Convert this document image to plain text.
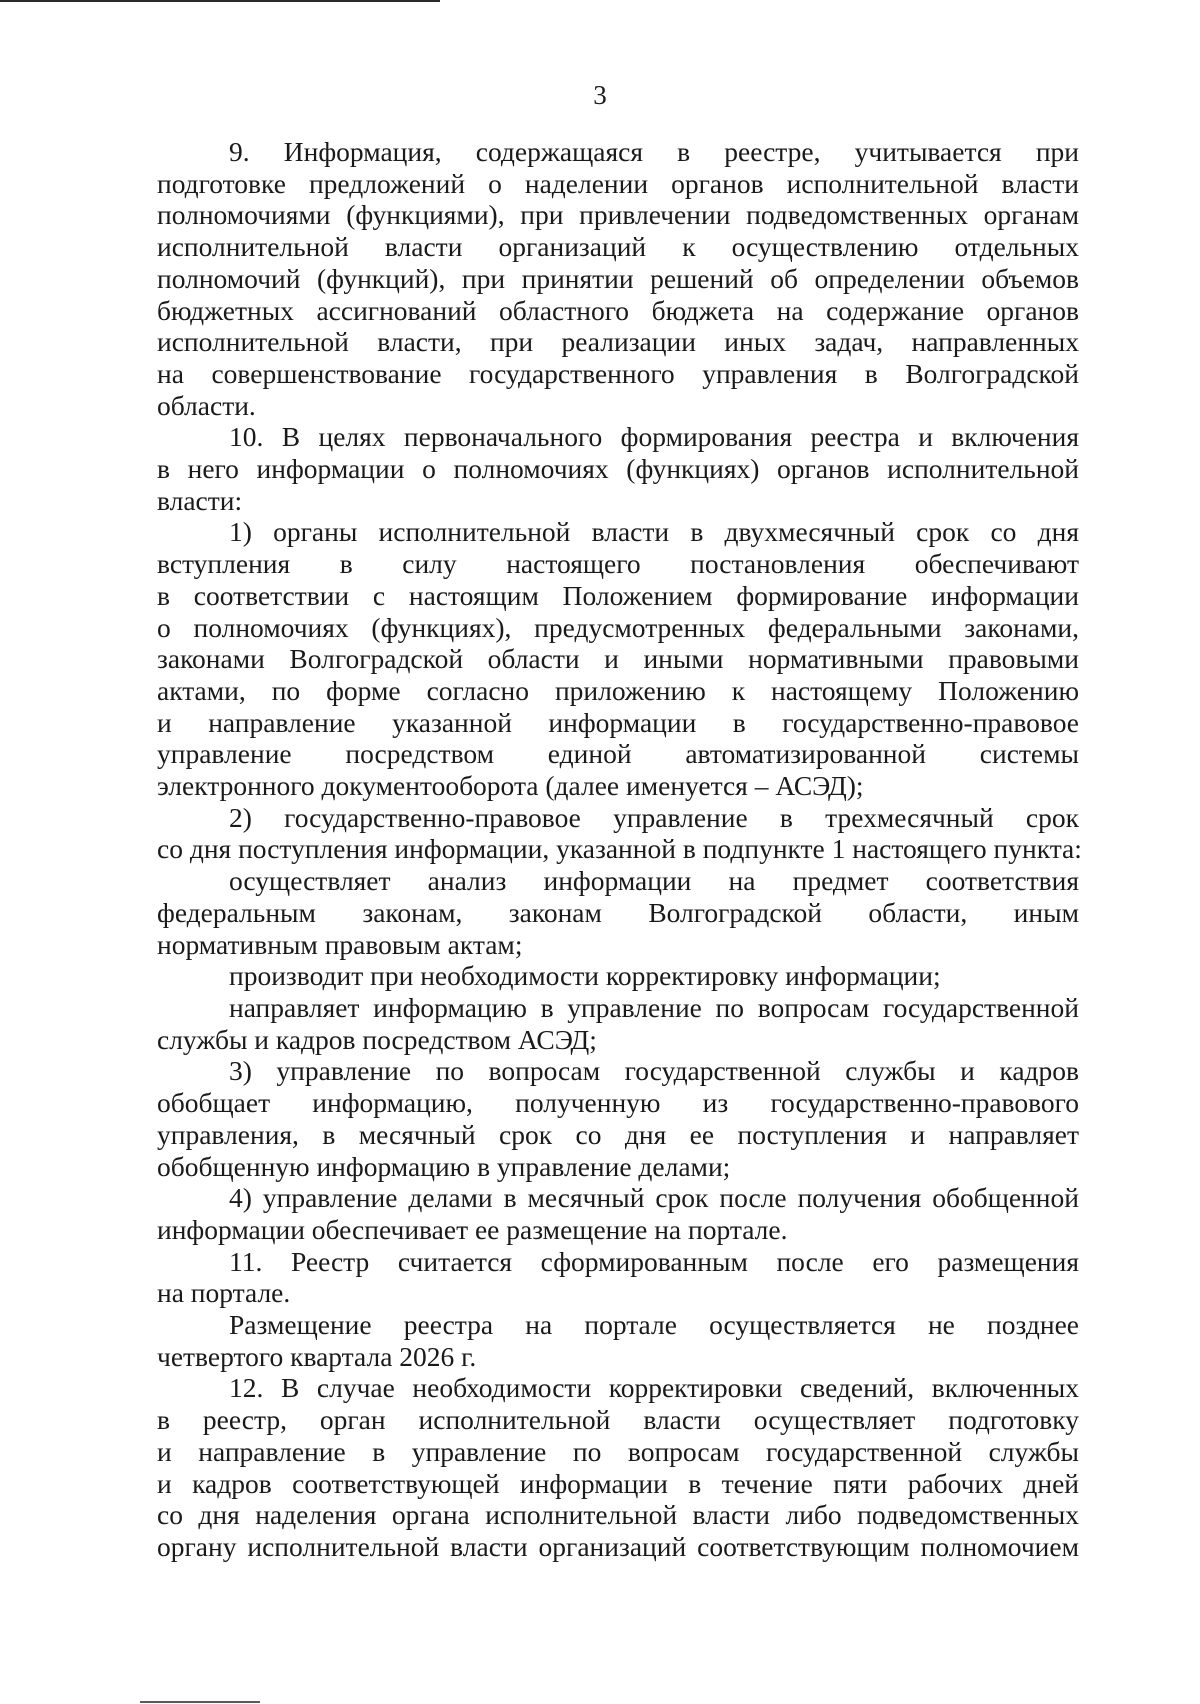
3

9. Информация, содержащаяся в реестре, учитывается при
подготовке предложений о наделении органов исполнительной власти
полномочиями (функциями), при привлечении подведомственных органам
исполнительной власти организаций к осуществлению отдельных
полномочий (функций), при принятии решений об определении объемов
бюджетных ассигнований областного бюджета на содержание органов
исполнительной власти, при реализации иных задач, направленных
на совершенствование государственного управления в Волгоградской
области.

10. В целях первоначального формирования реестра и включения
в него информации о полномочиях (функциях) органов исполнительной
власти:

1) органы исполнительной власти в двухмесячный срок со дня
вступления в силу настоящего постановления обеспечивают
в соответствии с настоящим Положением формирование информации
о полномочиях (функциях), предусмотренных федеральными законами,
законами Волгоградской области и иными нормативными правовыми
актами, по форме согласно приложению к настоящему Положению
и направление указанной информации в государственно-правовое
управление посредством единой автоматизированной системы
электронного документооборота (далее именуется – АСЭД);

2) государственно-правовое управление в трехмесячный срок
со дня поступления информации, указанной в подпункте 1 настоящего пункта:

осуществляет анализ информации на предмет соответствия
федеральным законам, законам Волгоградской области, иным
нормативным правовым актам;

производит при необходимости корректировку информации;

направляет информацию в управление по вопросам государственной
службы и кадров посредством АСЭД;

3) управление по вопросам государственной службы и кадров
обобщает информацию, полученную из государственно-правового
управления, в месячный срок со дня ее поступления и направляет
обобщенную информацию в управление делами;

4) управление делами в месячный срок после получения обобщенной
информации обеспечивает ее размещение на портале.

11. Реестр считается сформированным после его размещения
на портале.

Размещение реестра на портале осуществляется не позднее
четвертого квартала 2026 г.

12. В случае необходимости корректировки сведений, включенных
в реестр, орган исполнительной власти осуществляет подготовку
и направление в управление по вопросам государственной службы
и кадров соответствующей информации в течение пяти рабочих дней
со дня наделения органа исполнительной власти либо подведомственных
органу исполнительной власти организаций соответствующим полномочием
